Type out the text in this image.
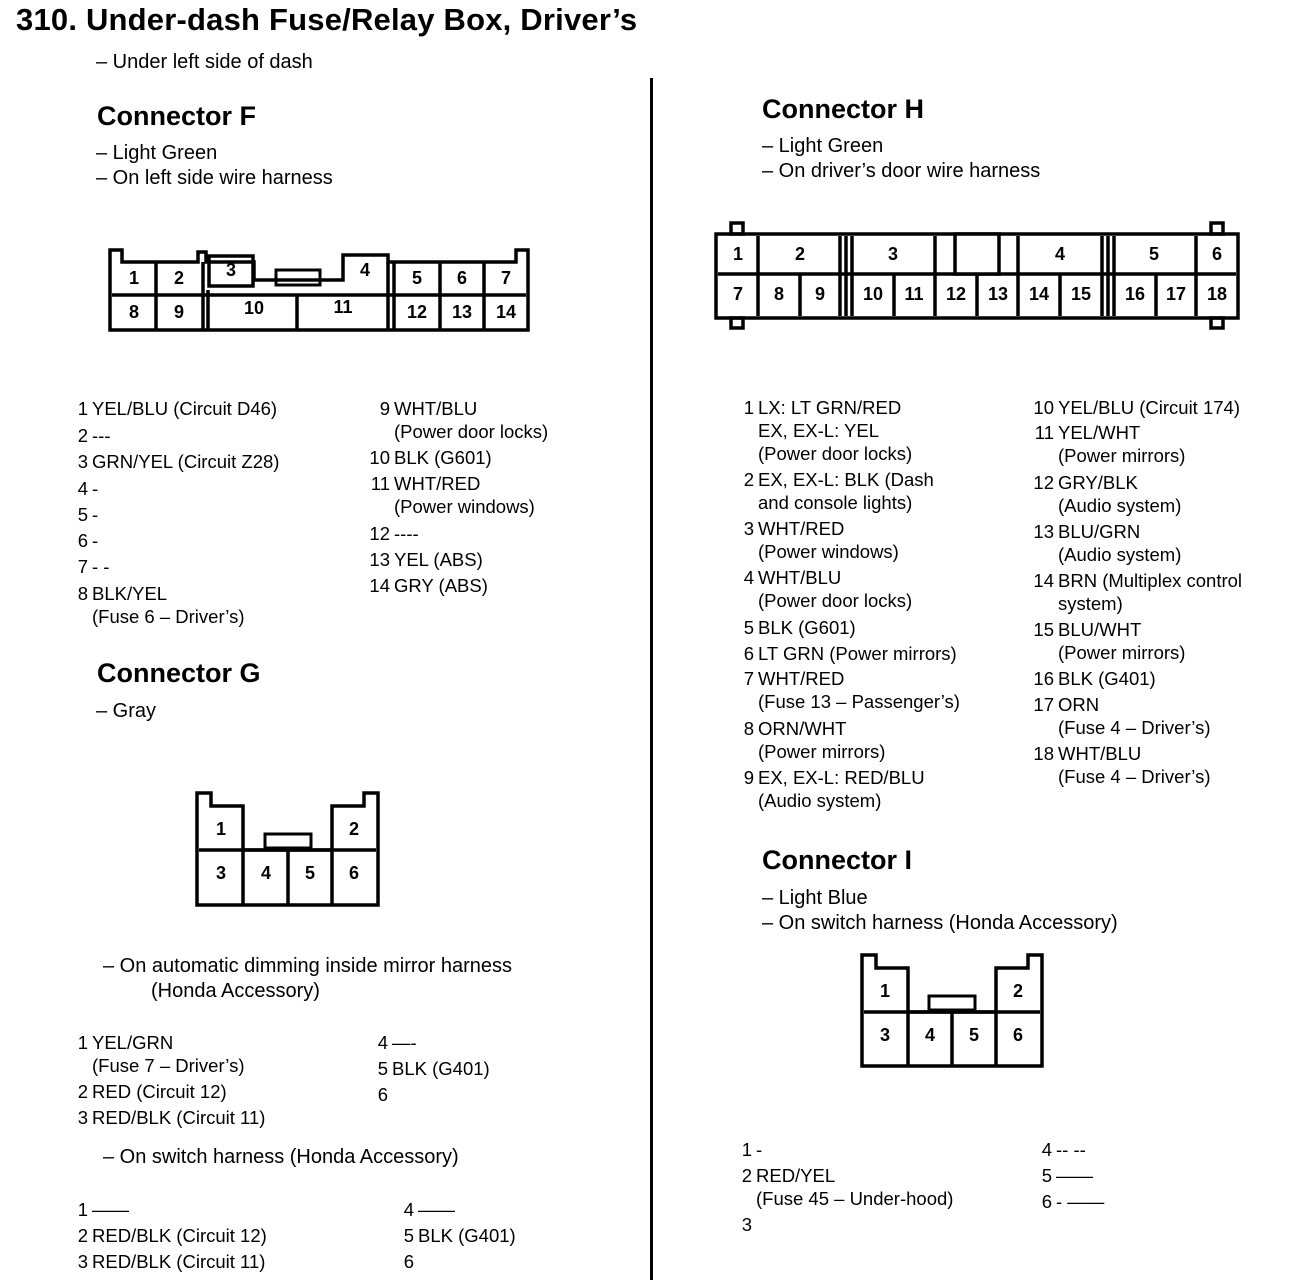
310. Under-dash Fuse/Relay Box, Driver’s
– Under left side of dash
Connector F
– Light Green
– On left side wire harness
1 2 3	4 5 6 7
8 9	10	11	12 13 14
1 YEL/BLU (Circuit D46)
2 ---
3 GRN/YEL (Circuit Z28)
4 -
5 -
6 -
7 - -
8 BLK/YEL
(Fuse 6 – Driver’s)
9 WHT/BLU
(Power door locks)
10 BLK (G601)
11 WHT/RED
(Power windows)
12 ----
13 YEL (ABS)
14 GRY (ABS)
Connector G
– Gray
1	2
3 4 5 6
– On automatic dimming inside mirror harness
(Honda Accessory)
1 YEL/GRN
(Fuse 7 – Driver’s)
2 RED (Circuit 12)
3 RED/BLK (Circuit 11)
4 —-
5 BLK (G401)
6
– On switch harness (Honda Accessory)
1 ——
2 RED/BLK (Circuit 12)
3 RED/BLK (Circuit 11)
4 ——
5 BLK (G401)
6
Connector H
– Light Green
– On driver’s door wire harness
1	2	3	4	5	6
7 8 9 10 11 12 13 14 15 16 17 18
1 LX: LT GRN/RED
EX, EX-L: YEL
(Power door locks)
2 EX, EX-L: BLK (Dash
and console lights)
3 WHT/RED
(Power windows)
4 WHT/BLU
(Power door locks)
5 BLK (G601)
6 LT GRN (Power mirrors)
7 WHT/RED
(Fuse 13 – Passenger’s)
8 ORN/WHT
(Power mirrors)
9 EX, EX-L: RED/BLU
(Audio system)
10 YEL/BLU (Circuit 174)
11 YEL/WHT
(Power mirrors)
12 GRY/BLK
(Audio system)
13 BLU/GRN
(Audio system)
14 BRN (Multiplex control
system)
15 BLU/WHT
(Power mirrors)
16 BLK (G401)
17 ORN
(Fuse 4 – Driver’s)
18 WHT/BLU
(Fuse 4 – Driver’s)
Connector I
– Light Blue
– On switch harness (Honda Accessory)
1	2
3 4 5 6
1 -
2 RED/YEL
(Fuse 45 – Under-hood)
3
4 -- --
5 ——
6 - ——
